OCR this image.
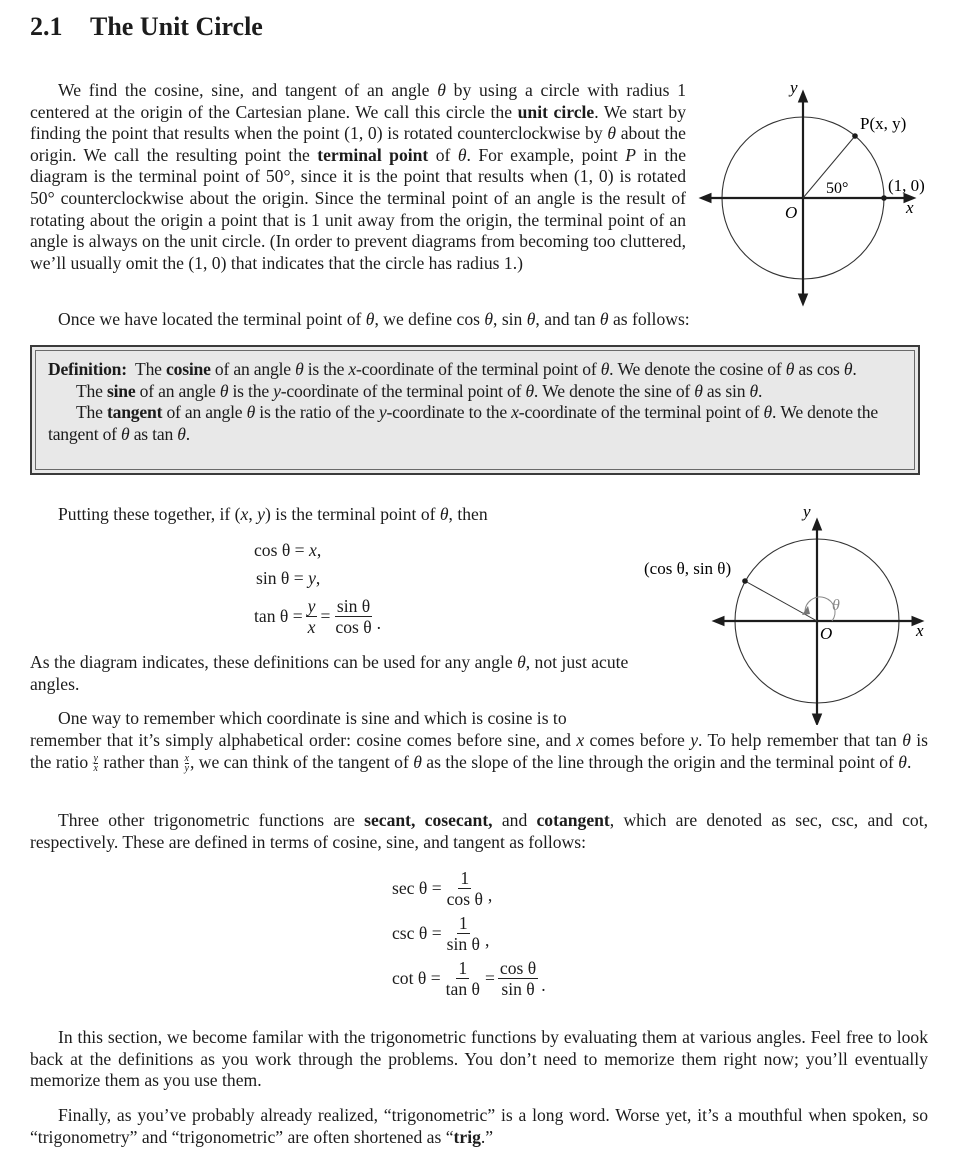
2.1 The Unit Circle
We find the cosine, sine, and tangent of an angle θ by using a circle with radius 1 centered at the origin of the Cartesian plane. We call this circle the unit circle. We start by finding the point that results when the point (1, 0) is rotated counterclockwise by θ about the origin. We call the resulting point the terminal point of θ. For example, point P in the diagram is the terminal point of 50°, since it is the point that results when (1, 0) is rotated 50° counterclockwise about the origin. Since the terminal point of an angle is the result of rotating about the origin a point that is 1 unit away from the origin, the terminal point of an angle is always on the unit circle. (In order to prevent diagrams from becoming too cluttered, we’ll usually omit the (1, 0) that indicates that the circle has radius 1.)
y
x
O
P(x, y)
50° (1, 0)
Once we have located the terminal point of θ, we define cos θ, sin θ, and tan θ as follows:
Definition: The cosine of an angle θ is the x-coordinate of the terminal point of θ. We denote the cosine of θ as cos θ.
The sine of an angle θ is the y-coordinate of the terminal point of θ. We denote the sine of θ as sin θ.
The tangent of an angle θ is the ratio of the y-coordinate to the x-coordinate of the terminal point of θ. We denote the tangent of θ as tan θ.
Putting these together, if (x, y) is the terminal point of θ, then
cos θ = x,
sin θ = y,
$\tan \theta = \frac{y}{x} = \frac{\text{sin θ}}{\text{cos θ}}$ .
y
x
O
(cos θ, sin θ)
θ
As the diagram indicates, these definitions can be used for any angle θ, not just acute angles.
One way to remember which coordinate is sine and which is cosine is to
remember that it’s simply alphabetical order: cosine comes before sine, and x comes before y. To help remember that tan θ is the ratio $\frac{y}{x}$ rather than $\frac{x}{y}$ , we can think of the tangent of θ as the slope of the line through the origin and the terminal point of θ.
Three other trigonometric functions are secant, cosecant, and cotangent, which are denoted as sec, csc, and cot, respectively. These are defined in terms of cosine, sine, and tangent as follows:
$\sec \theta = \frac{1}{\text{cos θ}}$ ,
$\csc \theta = \frac{1}{\text{sin θ}}$ ,
$\cot \theta = \frac{1}{\text{tan θ}} = \frac{\text{cos θ}}{\text{sin θ}}$ .
In this section, we become familar with the trigonometric functions by evaluating them at various angles. Feel free to look back at the definitions as you work through the problems. You don’t need to memorize them right now; you’ll eventually memorize them as you use them.
Finally, as you’ve probably already realized, “trigonometric” is a long word. Worse yet, it’s a mouthful when spoken, so “trigonometry” and “trigonometric” are often shortened as “trig.”
